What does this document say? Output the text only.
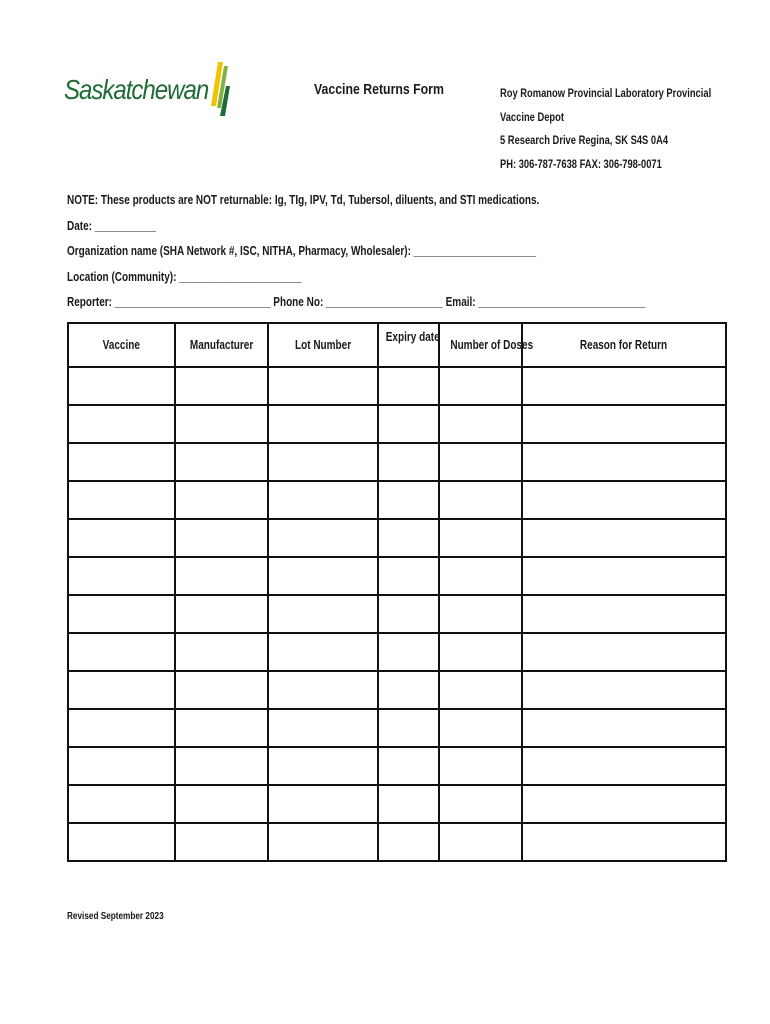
Saskatchewan	Vaccine Returns Form	Roy Romanow Provincial Laboratory Provincial
Vaccine Depot
5 Research Drive Regina, SK S4S 0A4
PH: 306-787-7638 FAX: 306-798-0071
NOTE: These products are NOT returnable: Ig, TIg, IPV, Td, Tubersol, diluents, and STI medications.
Date: ___________
Organization name (SHA Network #, ISC, NITHA, Pharmacy, Wholesaler): ______________________
Location (Community): ______________________
Reporter: ____________________________ Phone No: _____________________ Email: ______________________________
Vaccine	Manufacturer	Lot Number	Expiry date	Number of Doses	Reason for Return

Revised September 2023
